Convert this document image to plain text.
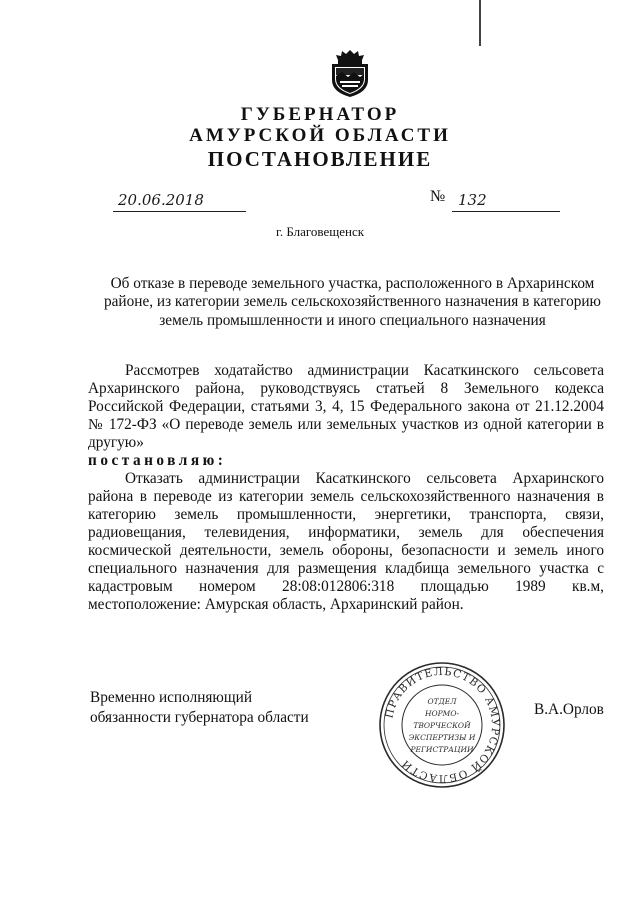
ГУБЕРНАТОР
АМУРСКОЙ ОБЛАСТИ
ПОСТАНОВЛЕНИЕ
20.06.2018	№ 132
г. Благовещенск
Об отказе в переводе земельного участка, расположенного в Архаринском районе, из категории земель сельскохозяйственного назначения в категорию земель промышленности и иного специального назначения

Рассмотрев ходатайство администрации Касаткинского сельсовета Архаринского района, руководствуясь статьей 8 Земельного кодекса Российской Федерации, статьями 3, 4, 15 Федерального закона от 21.12.2004 № 172-ФЗ «О переводе земель или земельных участков из одной категории в другую»

постановляю:

Отказать администрации Касаткинского сельсовета Архаринского района в переводе из категории земель сельскохозяйственного назначения в категорию земель промышленности, энергетики, транспорта, связи, радиовещания, телевидения, информатики, земель для обеспечения космической деятельности, земель обороны, безопасности и земель иного специального назначения для размещения кладбища земельного участка с кадастровым номером 28:08:012806:318 площадью 1989 кв.м, местоположение: Амурская область, Архаринский район.

Временно исполняющий
обязанности губернатора области	ПРАВИТЕЛЬСТВО АМУРСКОЙ ОБЛАСТИ
ОТДЕЛ
НОРМО-
ТВОРЧЕСКОЙ
ЭКСПЕРТИЗЫ И
РЕГИСТРАЦИИ
В.А.Орлов
